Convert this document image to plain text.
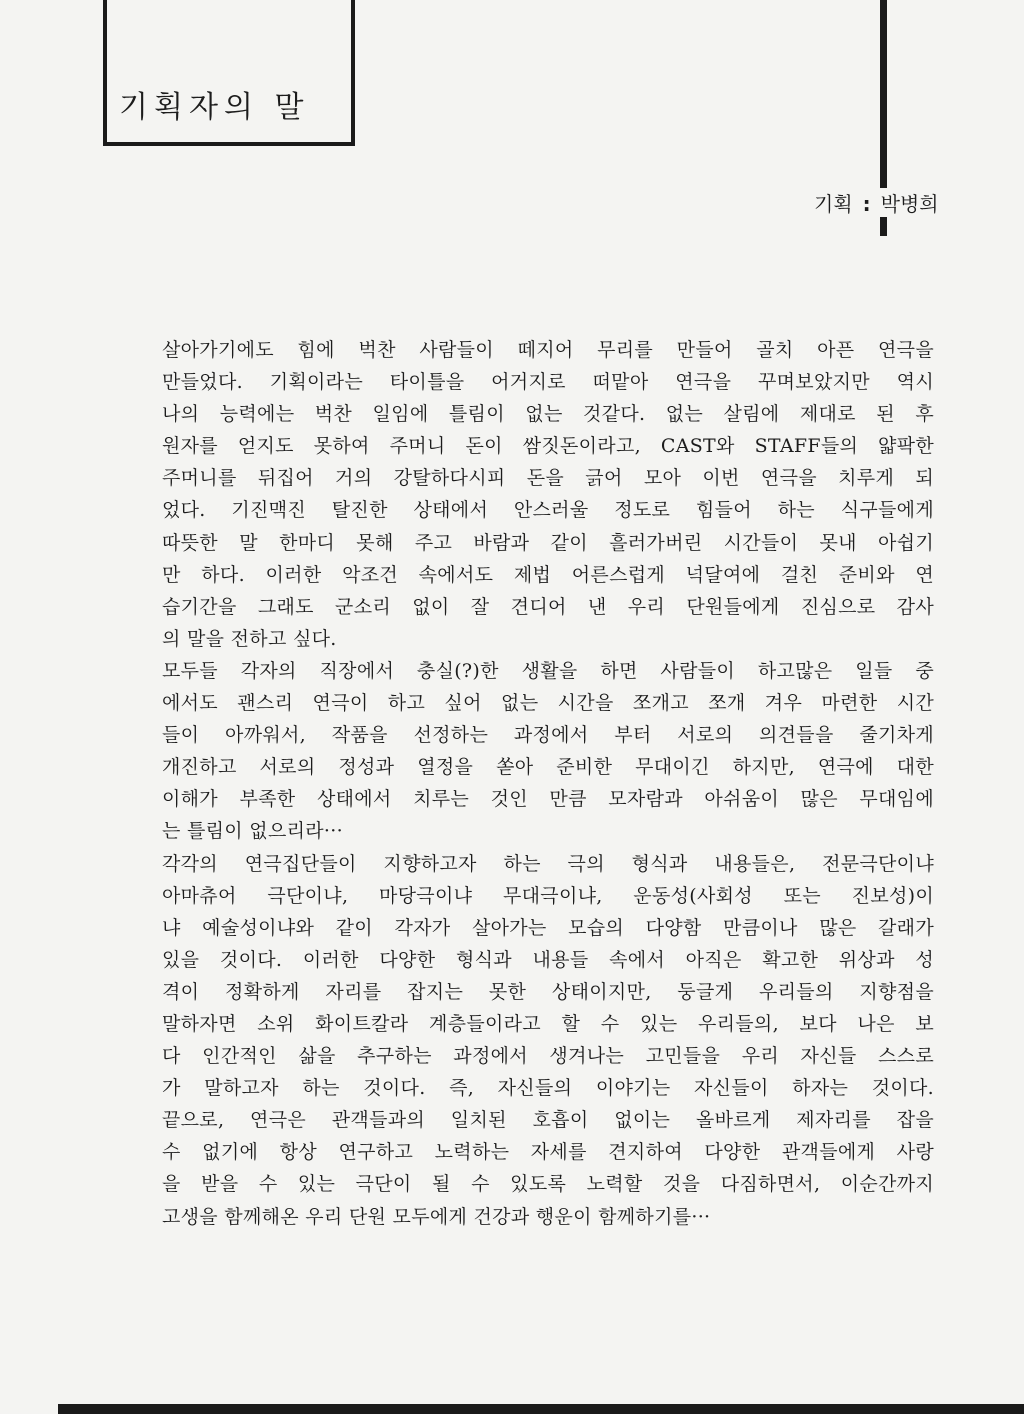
기획자의 말
기획 : 박병희
살아가기에도 힘에 벅찬 사람들이 떼지어 무리를 만들어 골치 아픈 연극을
만들었다. 기획이라는 타이틀을 어거지로 떠맡아 연극을 꾸며보았지만 역시
나의 능력에는 벅찬 일임에 틀림이 없는 것같다. 없는 살림에 제대로 된 후
원자를 얻지도 못하여 주머니 돈이 쌈짓돈이라고, CAST와 STAFF들의 얇팍한
주머니를 뒤집어 거의 강탈하다시피 돈을 긁어 모아 이번 연극을 치루게 되
었다. 기진맥진 탈진한 상태에서 안스러울 정도로 힘들어 하는 식구들에게
따뜻한 말 한마디 못해 주고 바람과 같이 흘러가버린 시간들이 못내 아쉽기
만 하다. 이러한 악조건 속에서도 제법 어른스럽게 넉달여에 걸친 준비와 연
습기간을 그래도 군소리 없이 잘 견디어 낸 우리 단원들에게 진심으로 감사
의 말을 전하고 싶다.
모두들 각자의 직장에서 충실(?)한 생활을 하면 사람들이 하고많은 일들 중
에서도 괜스리 연극이 하고 싶어 없는 시간을 쪼개고 쪼개 겨우 마련한 시간
들이 아까워서, 작품을 선정하는 과정에서 부터 서로의 의견들을 줄기차게
개진하고 서로의 정성과 열정을 쏟아 준비한 무대이긴 하지만, 연극에 대한
이해가 부족한 상태에서 치루는 것인 만큼 모자람과 아쉬움이 많은 무대임에
는 틀림이 없으리라···
각각의 연극집단들이 지향하고자 하는 극의 형식과 내용들은, 전문극단이냐
아마츄어 극단이냐, 마당극이냐 무대극이냐, 운동성(사회성 또는 진보성)이
냐 예술성이냐와 같이 각자가 살아가는 모습의 다양함 만큼이나 많은 갈래가
있을 것이다. 이러한 다양한 형식과 내용들 속에서 아직은 확고한 위상과 성
격이 정확하게 자리를 잡지는 못한 상태이지만, 둥글게 우리들의 지향점을
말하자면 소위 화이트칼라 계층들이라고 할 수 있는 우리들의, 보다 나은 보
다 인간적인 삶을 추구하는 과정에서 생겨나는 고민들을 우리 자신들 스스로
가 말하고자 하는 것이다. 즉, 자신들의 이야기는 자신들이 하자는 것이다.
끝으로, 연극은 관객들과의 일치된 호흡이 없이는 올바르게 제자리를 잡을
수 없기에 항상 연구하고 노력하는 자세를 견지하여 다양한 관객들에게 사랑
을 받을 수 있는 극단이 될 수 있도록 노력할 것을 다짐하면서, 이순간까지
고생을 함께해온 우리 단원 모두에게 건강과 행운이 함께하기를···
